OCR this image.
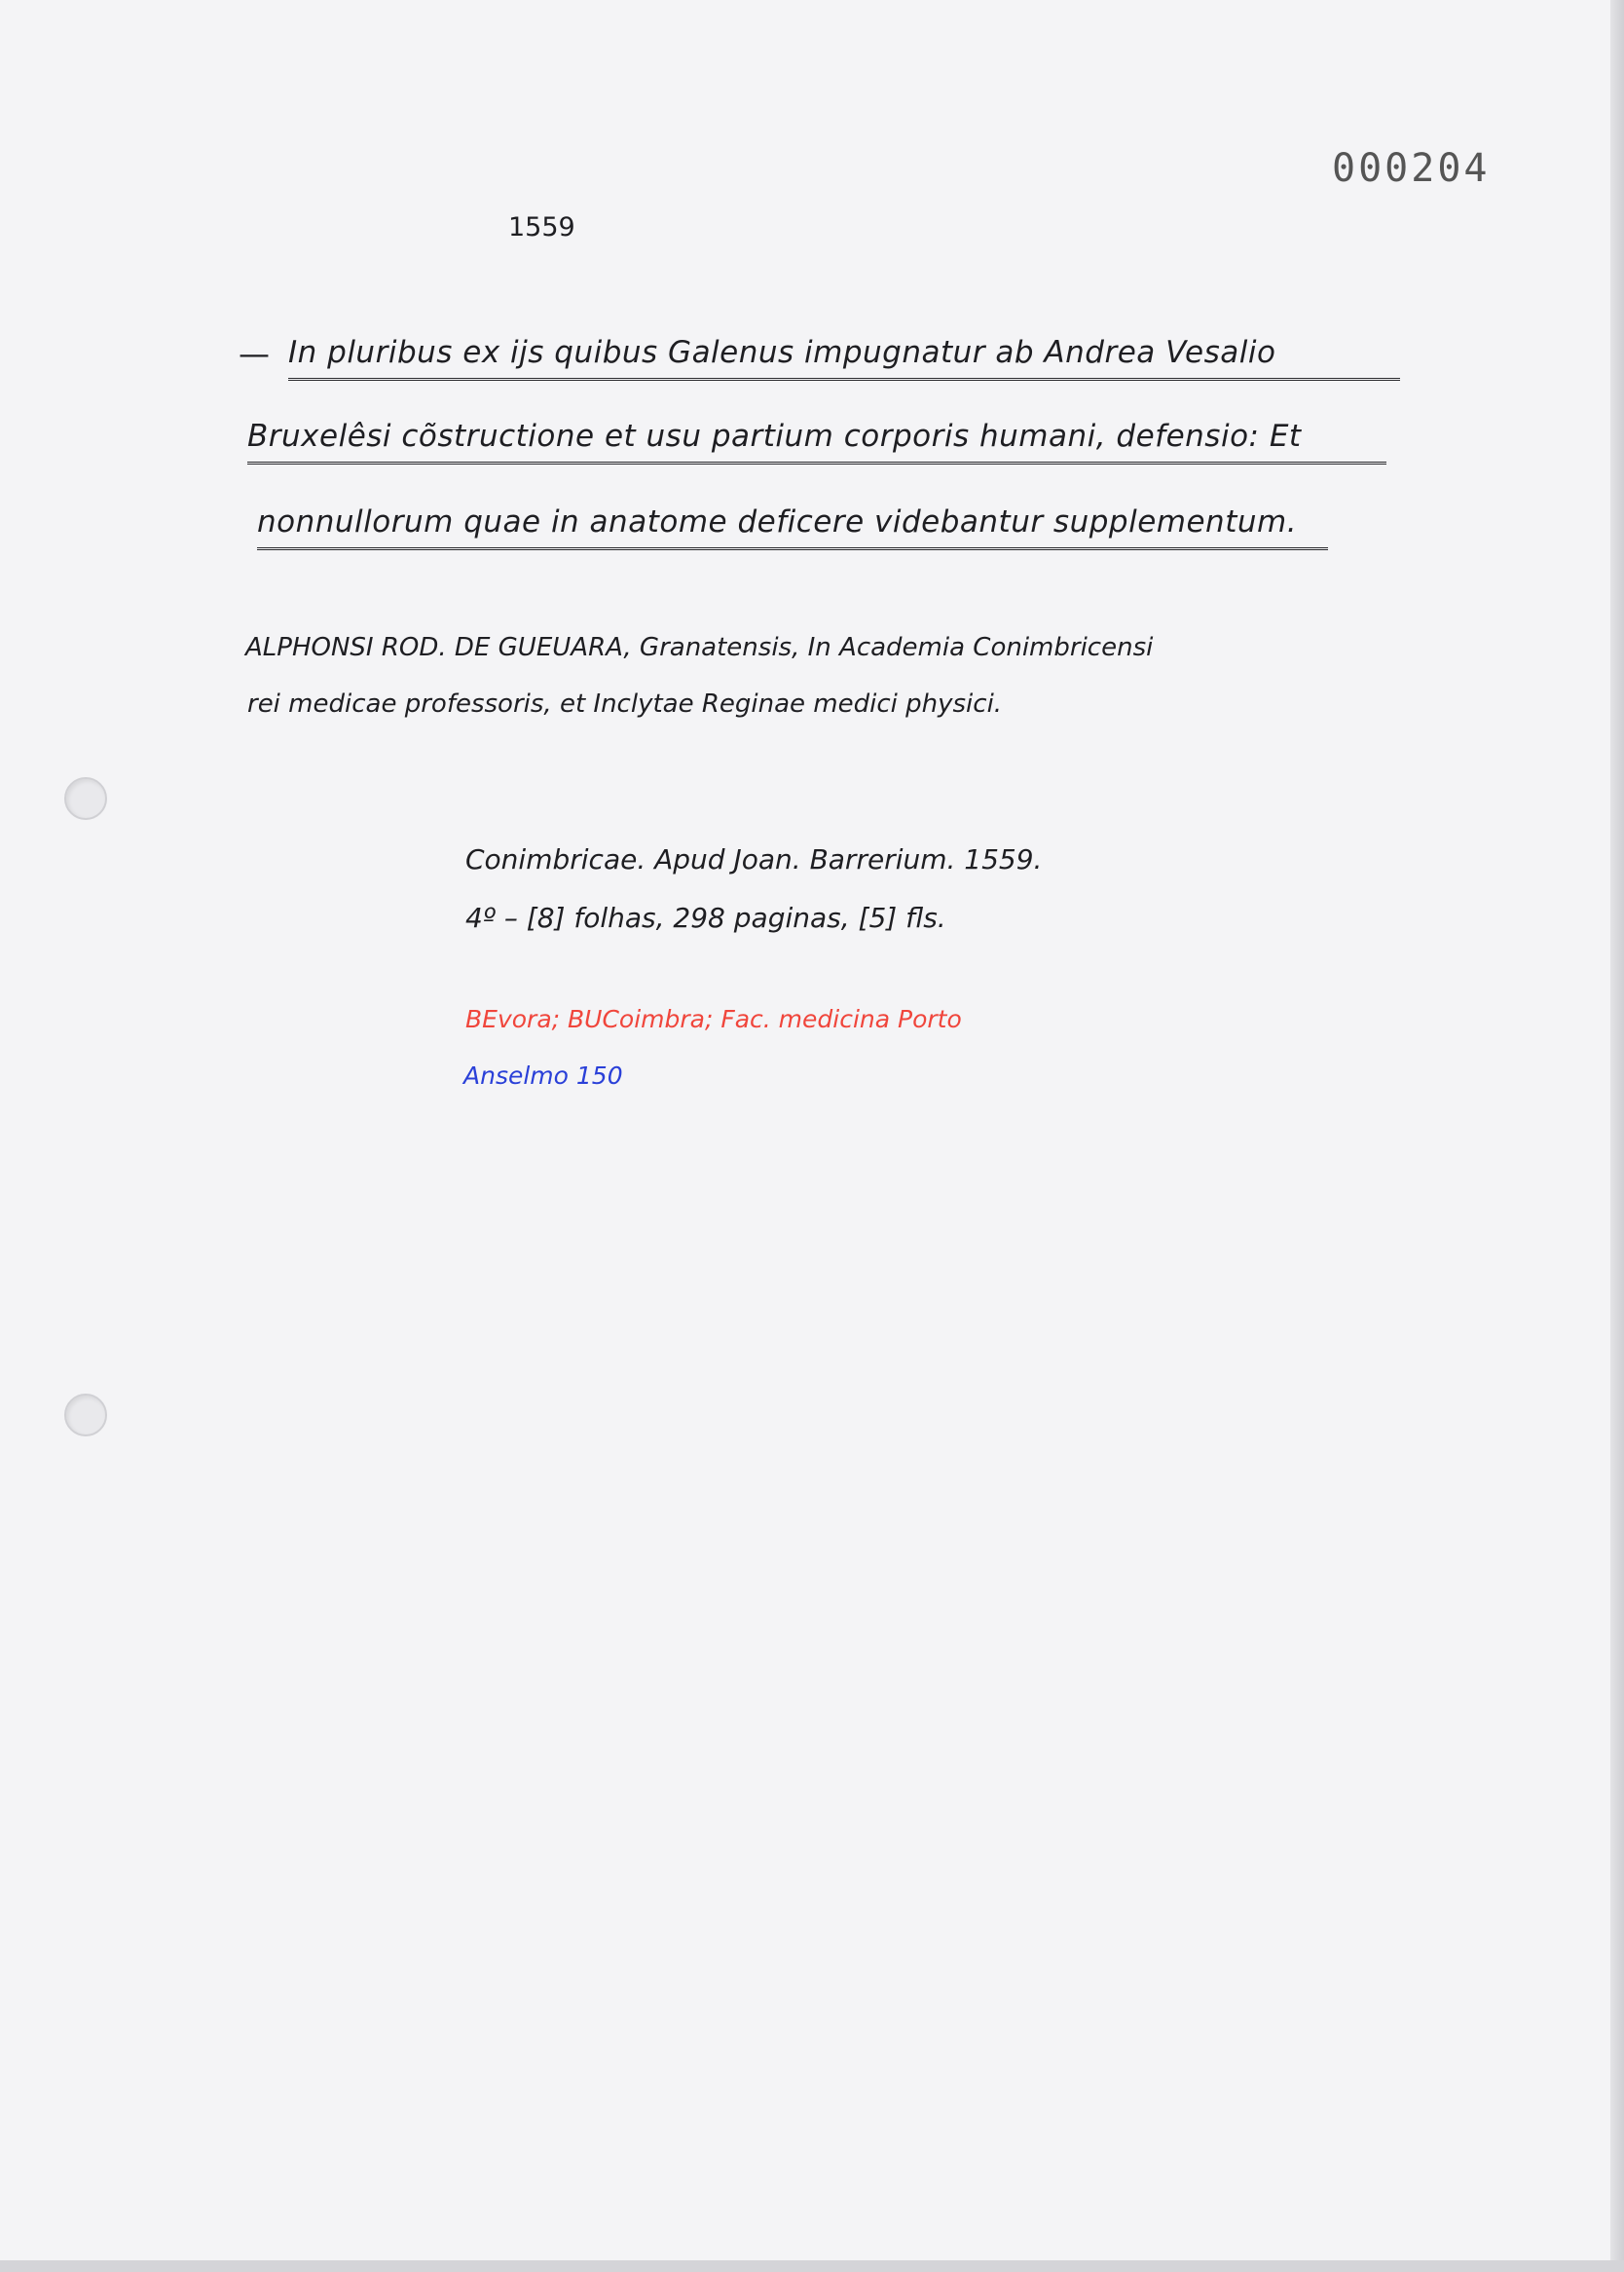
000204
1559
— In pluribus ex ijs quibus Galenus impugnatur ab Andrea Vesalio
Bruxelêsi cõstructione et usu partium corporis humani, defensio: Et
nonnullorum quae in anatome deficere videbantur supplementum.
ALPHONSI ROD. DE GUEUARA, Granatensis, In Academia Conimbricensi
rei medicae professoris, et Inclytae Reginae medici physici.
Conimbricae. Apud Joan. Barrerium. 1559.
4º – [8] folhas, 298 paginas, [5] fls.
BEvora; BUCoimbra; Fac. medicina Porto
Anselmo 150
